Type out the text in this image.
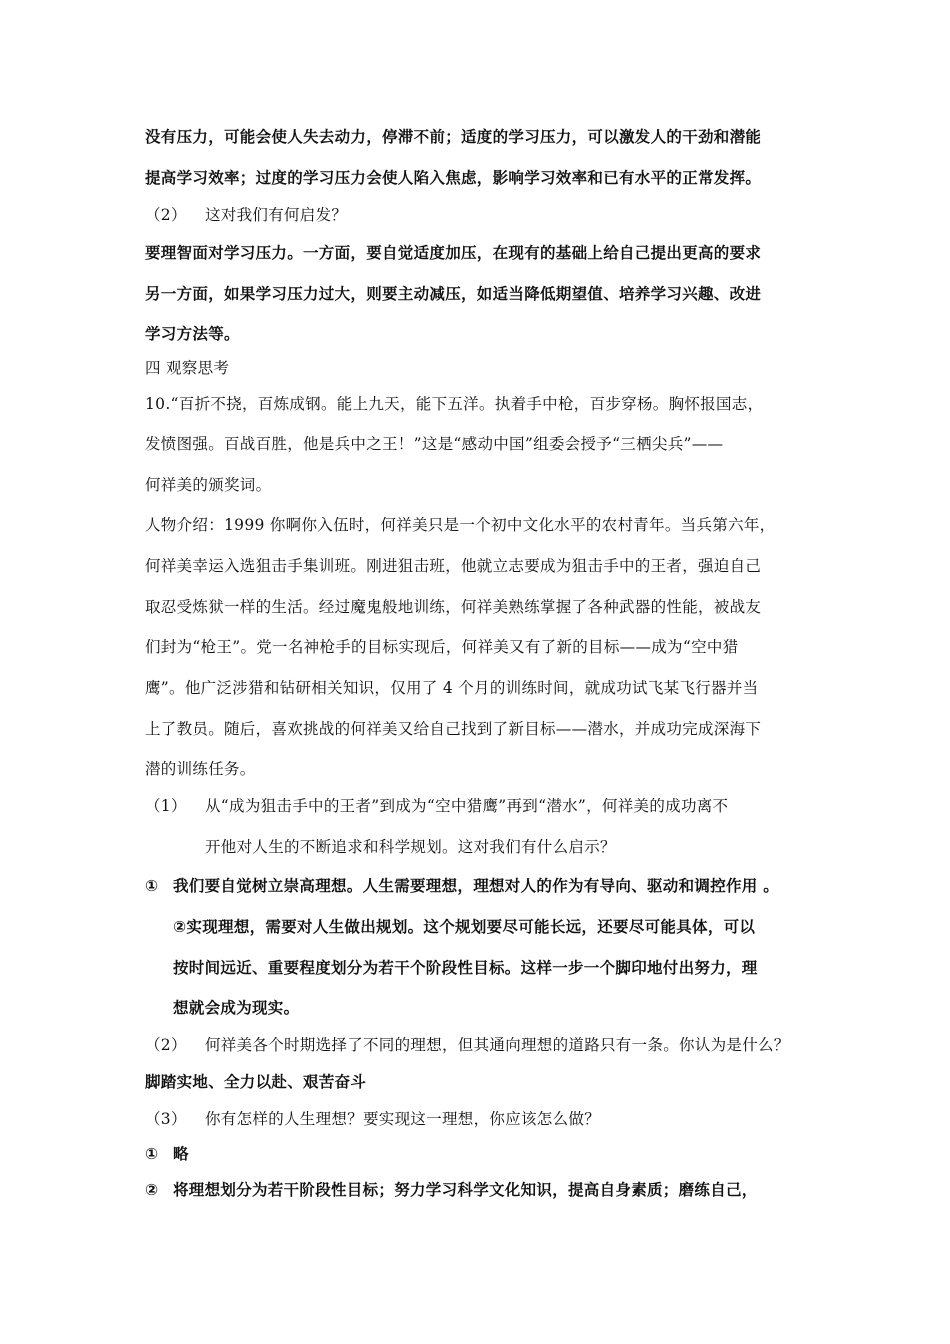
没有压力，可能会使人失去动力，停滞不前；适度的学习压力，可以激发人的干劲和潜能
提高学习效率；过度的学习压力会使人陷入焦虑，影响学习效率和已有水平的正常发挥。
（2） 这对我们有何启发？
要理智面对学习压力。一方面，要自觉适度加压，在现有的基础上给自己提出更高的要求
另一方面，如果学习压力过大，则要主动减压，如适当降低期望值、培养学习兴趣、改进
学习方法等。
四 观察思考
10.“百折不挠，百炼成钢。能上九天，能下五洋。执着手中枪，百步穿杨。胸怀报国志，
发愤图强。百战百胜，他是兵中之王！”这是“感动中国”组委会授予“三栖尖兵”——
何祥美的颁奖词。
人物介绍：1999 你啊你入伍时，何祥美只是一个初中文化水平的农村青年。当兵第六年，
何祥美幸运入选狙击手集训班。刚进狙击班，他就立志要成为狙击手中的王者，强迫自己
取忍受炼狱一样的生活。经过魔鬼般地训练，何祥美熟练掌握了各种武器的性能，被战友
们封为“枪王”。党一名神枪手的目标实现后，何祥美又有了新的目标——成为“空中猎
鹰”。他广泛涉猎和钻研相关知识，仅用了 4 个月的训练时间，就成功试飞某飞行器并当
上了教员。随后，喜欢挑战的何祥美又给自己找到了新目标——潜水，并成功完成深海下
潜的训练任务。
（1） 从“成为狙击手中的王者”到成为“空中猎鹰”再到“潜水”，何祥美的成功离不
开他对人生的不断追求和科学规划。这对我们有什么启示？
① 我们要自觉树立崇高理想。人生需要理想，理想对人的作为有导向、驱动和调控作用 。
②实现理想，需要对人生做出规划。这个规划要尽可能长远，还要尽可能具体，可以
按时间远近、重要程度划分为若干个阶段性目标。这样一步一个脚印地付出努力，理
想就会成为现实。
（2） 何祥美各个时期选择了不同的理想，但其通向理想的道路只有一条。你认为是什么？
脚踏实地、全力以赴、艰苦奋斗
（3） 你有怎样的人生理想？要实现这一理想，你应该怎么做？
① 略
② 将理想划分为若干阶段性目标；努力学习科学文化知识，提高自身素质；磨练自己，
